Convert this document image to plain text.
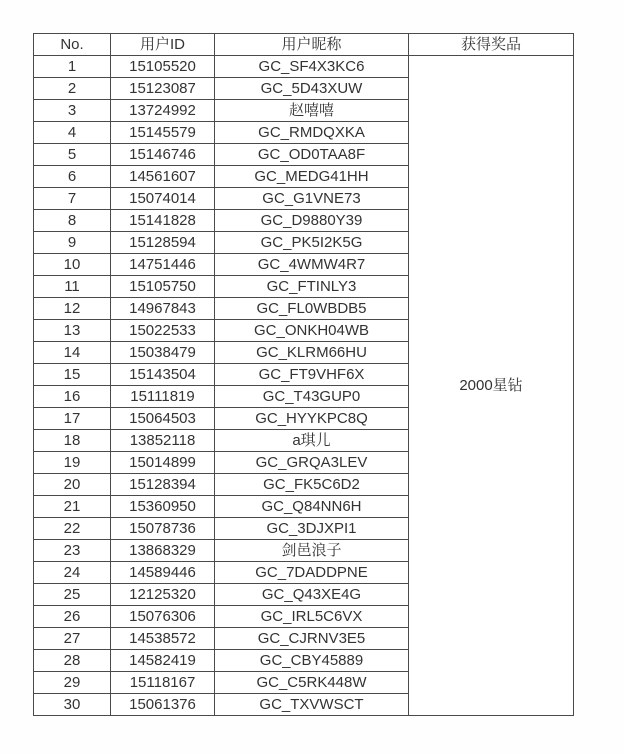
No.	用户ID	用户昵称	获得奖品
1	15105520	GC_SF4X3KC6	2000星钻
2	15123087	GC_5D43XUW	
3	13724992	赵嘻嘻	
4	15145579	GC_RMDQXKA	
5	15146746	GC_OD0TAA8F	
6	14561607	GC_MEDG41HH	
7	15074014	GC_G1VNE73	
8	15141828	GC_D9880Y39	
9	15128594	GC_PK5I2K5G	
10	14751446	GC_4WMW4R7	
11	15105750	GC_FTINLY3	
12	14967843	GC_FL0WBDB5	
13	15022533	GC_ONKH04WB	
14	15038479	GC_KLRM66HU	
15	15143504	GC_FT9VHF6X	
16	15111819	GC_T43GUP0	
17	15064503	GC_HYYKPC8Q	
18	13852118	a琪儿	
19	15014899	GC_GRQA3LEV	
20	15128394	GC_FK5C6D2	
21	15360950	GC_Q84NN6H	
22	15078736	GC_3DJXPI1	
23	13868329	剑邑浪子	
24	14589446	GC_7DADDPNE	
25	12125320	GC_Q43XE4G	
26	15076306	GC_IRL5C6VX	
27	14538572	GC_CJRNV3E5	
28	14582419	GC_CBY45889	
29	15118167	GC_C5RK448W	
30	15061376	GC_TXVWSCT	
